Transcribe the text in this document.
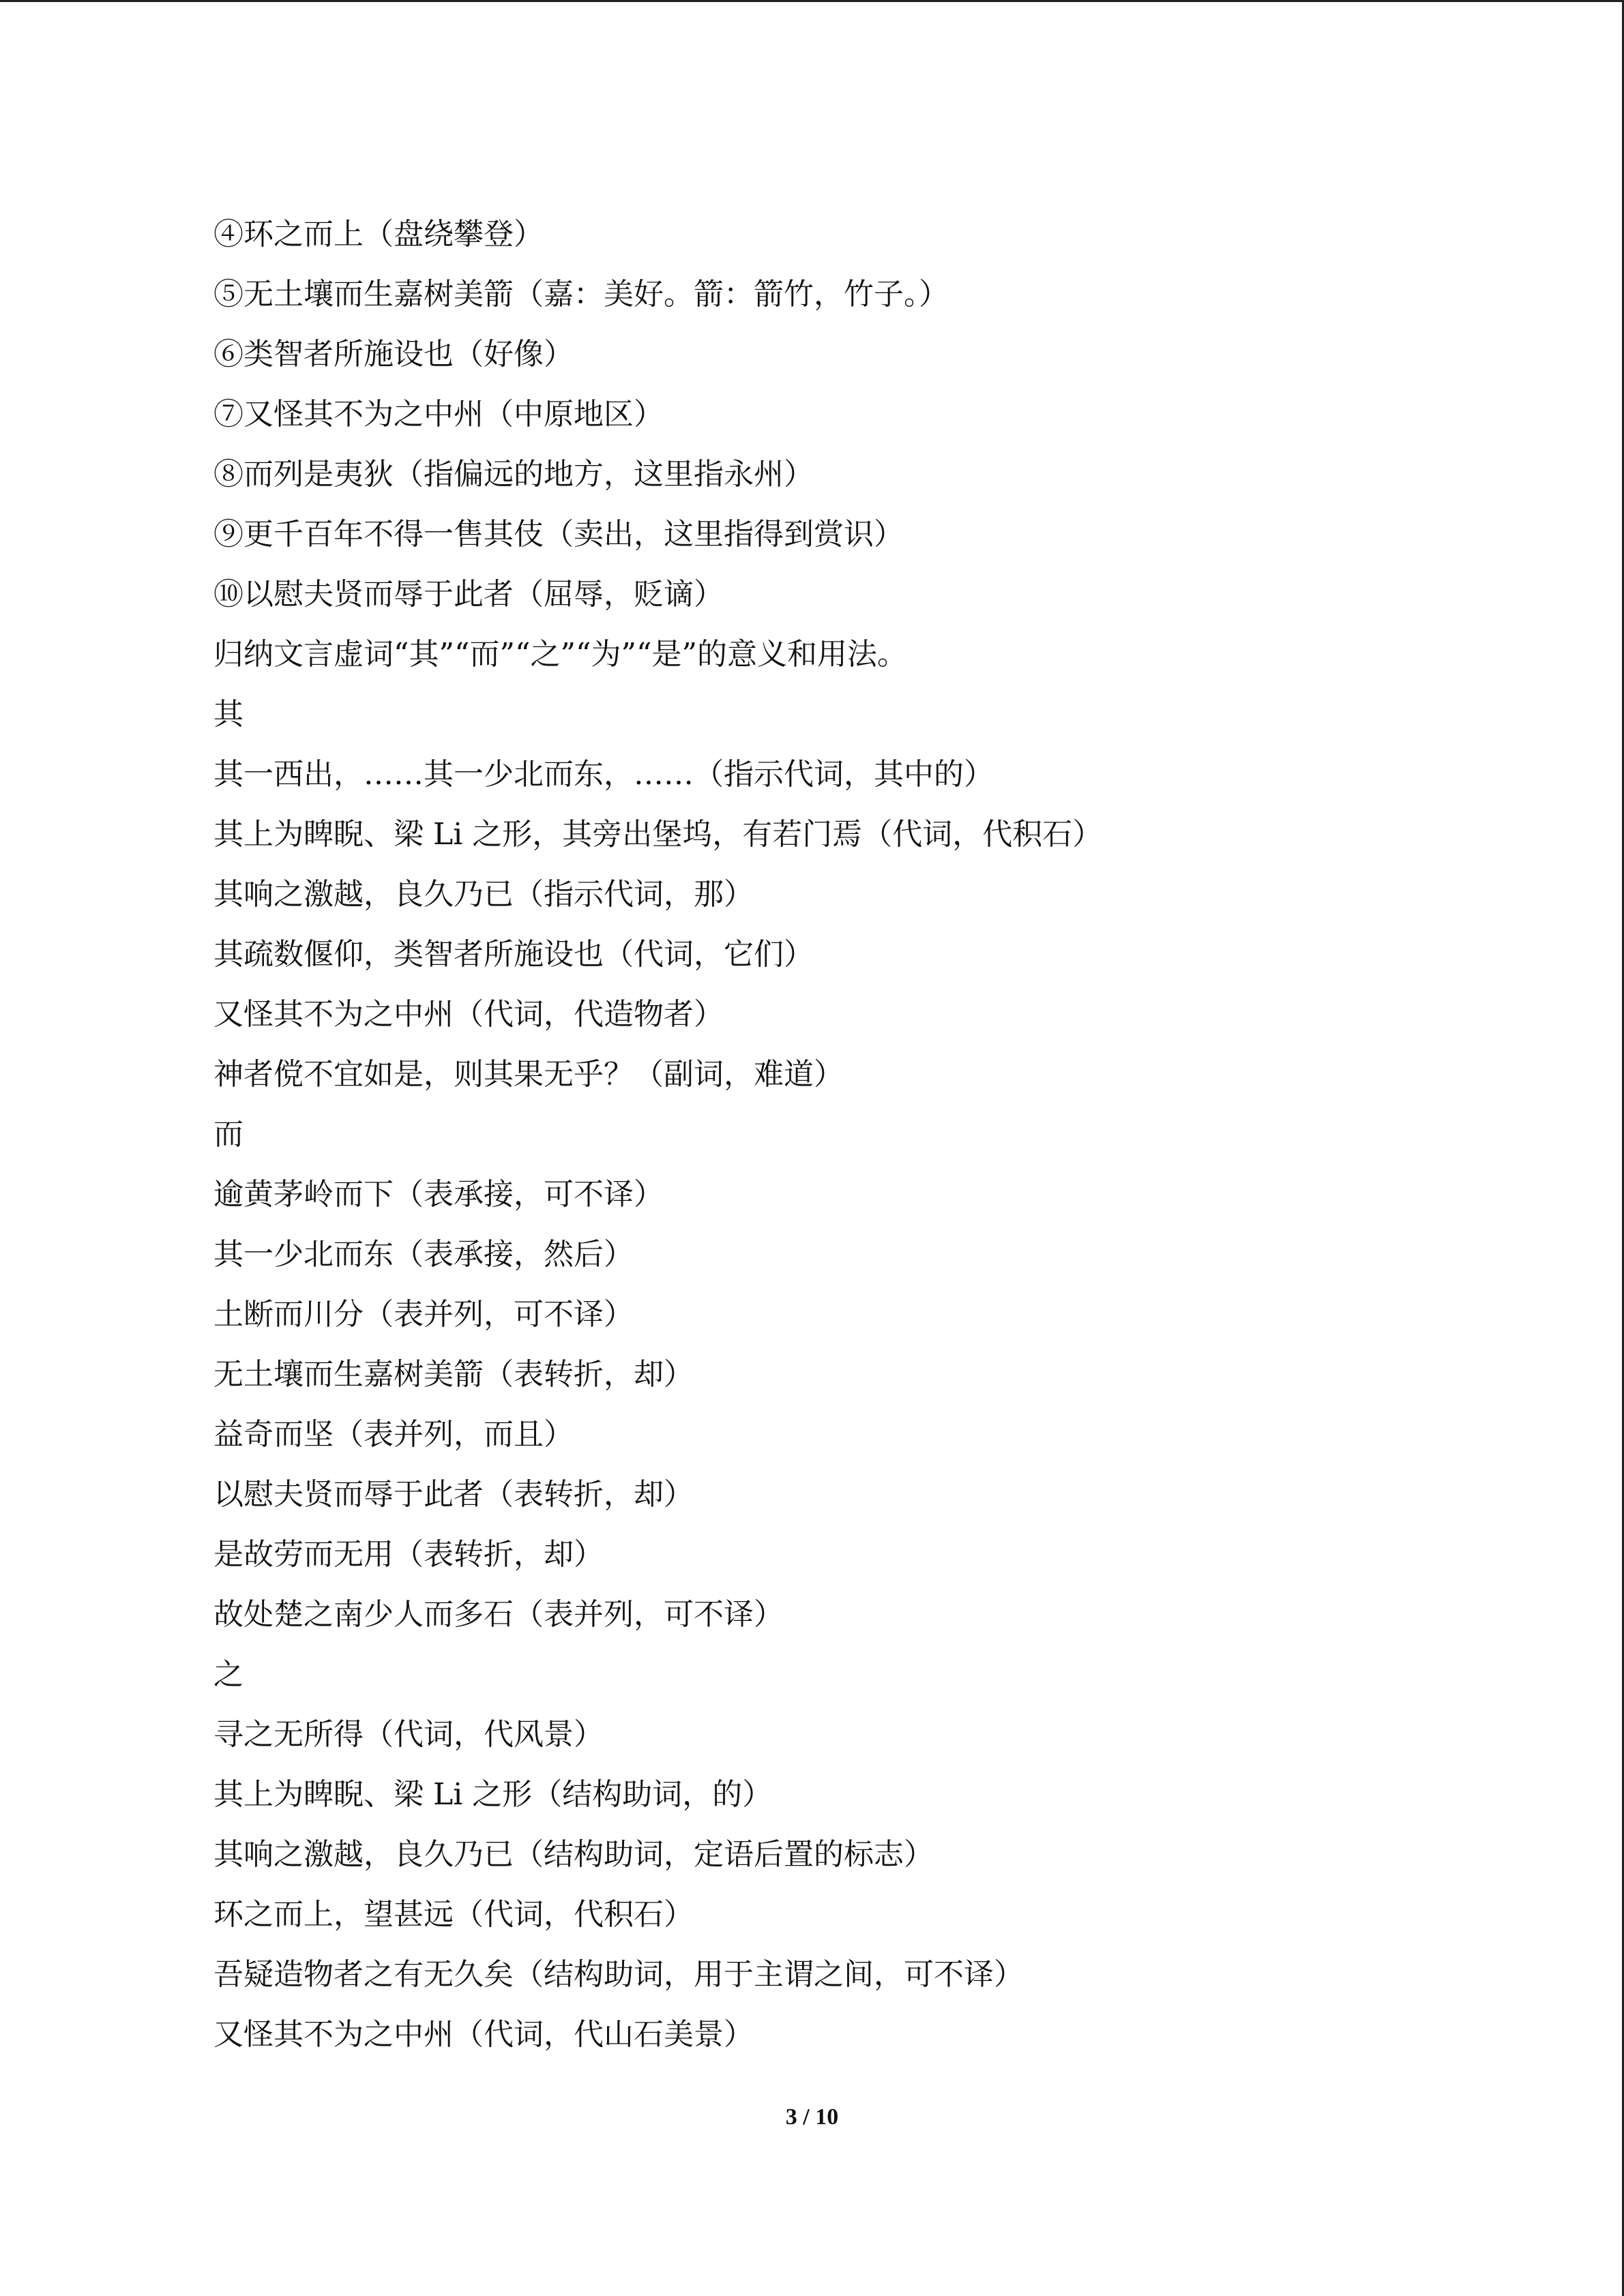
④环之而上（盘绕攀登）
⑤无土壤而生嘉树美箭（嘉：美好。箭：箭竹，竹子。）
⑥类智者所施设也（好像）
⑦又怪其不为之中州（中原地区）
⑧而列是夷狄（指偏远的地方，这里指永州）
⑨更千百年不得一售其伎（卖出，这里指得到赏识）
⑩以慰夫贤而辱于此者（屈辱，贬谪）
归纳文言虚词“其”“而”“之”“为”“是”的意义和用法。
其
其一西出，……其一少北而东，……（指示代词，其中的）
其上为睥睨、梁 Li 之形，其旁出堡坞，有若门焉（代词，代积石）
其响之激越，良久乃已（指示代词，那）
其疏数偃仰，类智者所施设也（代词，它们）
又怪其不为之中州（代词，代造物者）
神者傥不宜如是，则其果无乎？（副词，难道）
而
逾黄茅岭而下（表承接，可不译）
其一少北而东（表承接，然后）
土断而川分（表并列，可不译）
无土壤而生嘉树美箭（表转折，却）
益奇而坚（表并列，而且）
以慰夫贤而辱于此者（表转折，却）
是故劳而无用（表转折，却）
故处楚之南少人而多石（表并列，可不译）
之
寻之无所得（代词，代风景）
其上为睥睨、梁 Li 之形（结构助词，的）
其响之激越，良久乃已（结构助词，定语后置的标志）
环之而上，望甚远（代词，代积石）
吾疑造物者之有无久矣（结构助词，用于主谓之间，可不译）
又怪其不为之中州（代词，代山石美景）
3 / 10
